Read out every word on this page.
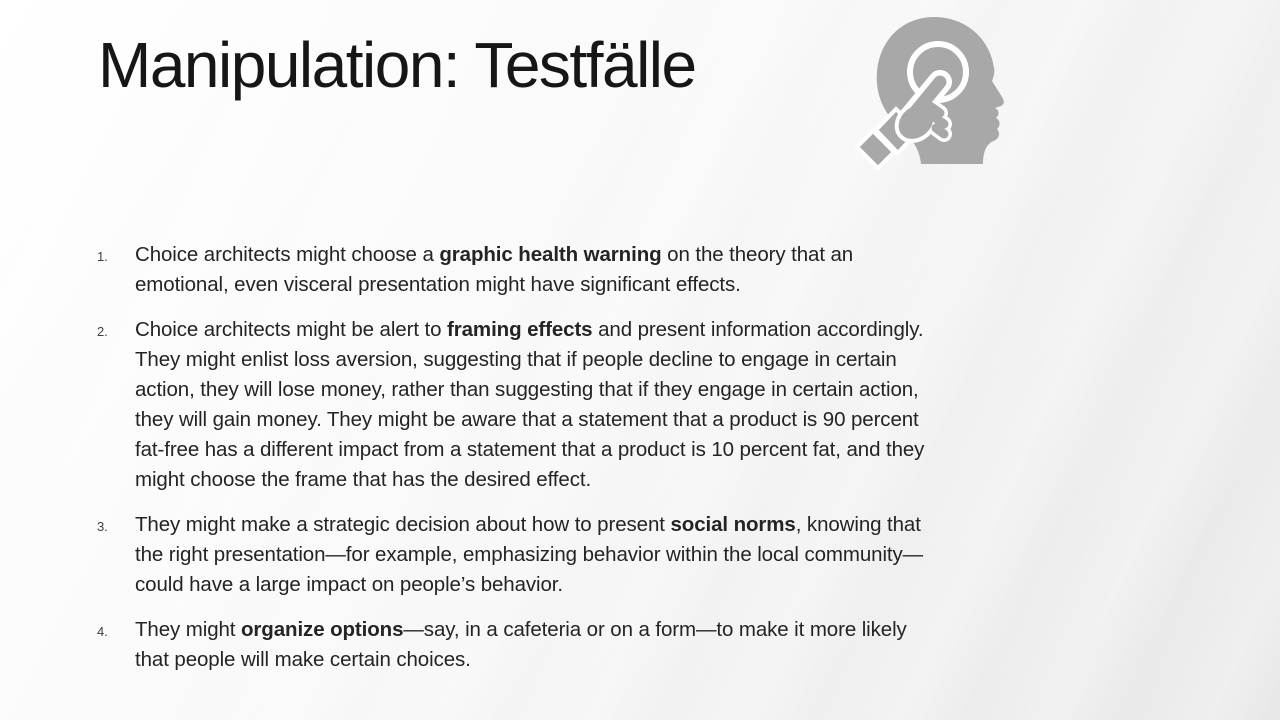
Manipulation: Testfälle
1.	Choice architects might choose a graphic health warning on the theory that an emotional, even visceral presentation might have significant effects.
2.	Choice architects might be alert to framing effects and present information accordingly. They might enlist loss aversion, suggesting that if people decline to engage in certain action, they will lose money, rather than suggesting that if they engage in certain action, they will gain money. They might be aware that a statement that a product is 90 percent fat-free has a different impact from a statement that a product is 10 percent fat, and they might choose the frame that has the desired effect.
3.	They might make a strategic decision about how to present social norms, knowing that the right presentation—for example, emphasizing behavior within the local community—could have a large impact on people’s behavior.
4.	They might organize options—say, in a cafeteria or on a form—to make it more likely that people will make certain choices.
